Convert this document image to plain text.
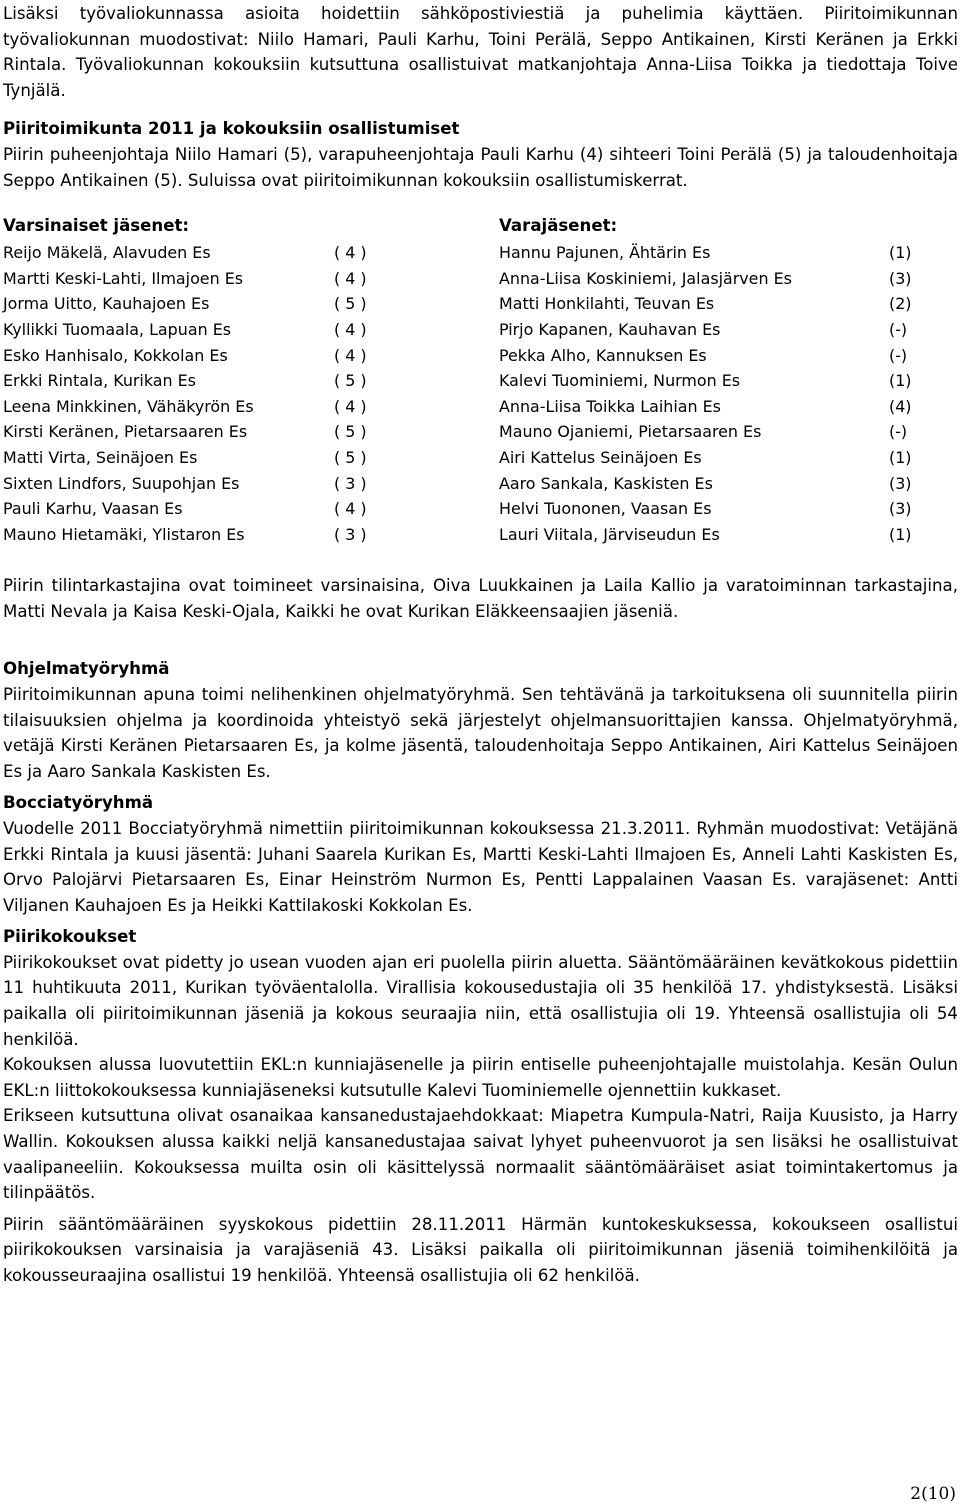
Lisäksi työvaliokunnassa asioita hoidettiin sähköpostiviestiä ja puhelimia käyttäen. Piiritoimikunnan työvaliokunnan muodostivat: Niilo Hamari, Pauli Karhu, Toini Perälä, Seppo Antikainen, Kirsti Keränen ja Erkki Rintala. Työvaliokunnan kokouksiin kutsuttuna osallistuivat matkanjohtaja Anna-Liisa Toikka ja tiedottaja Toive Tynjälä.

Piiritoimikunta 2011 ja kokouksiin osallistumiset

Piirin puheenjohtaja Niilo Hamari (5), varapuheenjohtaja Pauli Karhu (4) sihteeri Toini Perälä (5) ja taloudenhoitaja Seppo Antikainen (5). Suluissa ovat piiritoimikunnan kokouksiin osallistumiskerrat.

Varsinaiset jäsenet:
Reijo Mäkelä, Alavuden Es	( 4 )
Martti Keski-Lahti, Ilmajoen Es	( 4 )
Jorma Uitto, Kauhajoen Es	( 5 )
Kyllikki Tuomaala, Lapuan Es	( 4 )
Esko Hanhisalo, Kokkolan Es	( 4 )
Erkki Rintala, Kurikan Es	( 5 )
Leena Minkkinen, Vähäkyrön Es	( 4 )
Kirsti Keränen, Pietarsaaren Es	( 5 )
Matti Virta, Seinäjoen Es	( 5 )
Sixten Lindfors, Suupohjan Es	( 3 )
Pauli Karhu, Vaasan Es	( 4 )
Mauno Hietamäki, Ylistaron Es	( 3 )
Varajäsenet:
Hannu Pajunen, Ähtärin Es	(1)
Anna-Liisa Koskiniemi, Jalasjärven Es	(3)
Matti Honkilahti, Teuvan Es	(2)
Pirjo Kapanen, Kauhavan Es	(-)
Pekka Alho, Kannuksen Es	(-)
Kalevi Tuominiemi, Nurmon Es	(1)
Anna-Liisa Toikka Laihian Es	(4)
Mauno Ojaniemi, Pietarsaaren Es	(-)
Airi Kattelus Seinäjoen Es	(1)
Aaro Sankala, Kaskisten Es	(3)
Helvi Tuononen, Vaasan Es	(3)
Lauri Viitala, Järviseudun Es	(1)

Piirin tilintarkastajina ovat toimineet varsinaisina, Oiva Luukkainen ja Laila Kallio ja varatoiminnan tarkastajina, Matti Nevala ja Kaisa Keski-Ojala, Kaikki he ovat Kurikan Eläkkeensaajien jäseniä.

Ohjelmatyöryhmä

Piiritoimikunnan apuna toimi nelihenkinen ohjelmatyöryhmä. Sen tehtävänä ja tarkoituksena oli suunnitella piirin tilaisuuksien ohjelma ja koordinoida yhteistyö sekä järjestelyt ohjelmansuorittajien kanssa. Ohjelmatyöryhmä, vetäjä Kirsti Keränen Pietarsaaren Es, ja kolme jäsentä, taloudenhoitaja Seppo Antikainen, Airi Kattelus Seinäjoen Es ja Aaro Sankala Kaskisten Es.

Bocciatyöryhmä

Vuodelle 2011 Bocciatyöryhmä nimettiin piiritoimikunnan kokouksessa 21.3.2011. Ryhmän muodostivat: Vetäjänä Erkki Rintala ja kuusi jäsentä: Juhani Saarela Kurikan Es, Martti Keski-Lahti Ilmajoen Es, Anneli Lahti Kaskisten Es, Orvo Palojärvi Pietarsaaren Es, Einar Heinström Nurmon Es, Pentti Lappalainen Vaasan Es. varajäsenet: Antti Viljanen Kauhajoen Es ja Heikki Kattilakoski Kokkolan Es.

Piirikokoukset

Piirikokoukset ovat pidetty jo usean vuoden ajan eri puolella piirin aluetta. Sääntömääräinen kevätkokous pidettiin 11 huhtikuuta 2011, Kurikan työväentalolla. Virallisia kokousedustajia oli 35 henkilöä 17. yhdistyksestä. Lisäksi paikalla oli piiritoimikunnan jäseniä ja kokous seuraajia niin, että osallistujia oli 19. Yhteensä osallistujia oli 54 henkilöä.

Kokouksen alussa luovutettiin EKL:n kunniajäsenelle ja piirin entiselle puheenjohtajalle muistolahja. Kesän Oulun EKL:n liittokokouksessa kunniajäseneksi kutsutulle Kalevi Tuominiemelle ojennettiin kukkaset.

Erikseen kutsuttuna olivat osanaikaa kansanedustajaehdokkaat: Miapetra Kumpula-Natri, Raija Kuusisto, ja Harry Wallin. Kokouksen alussa kaikki neljä kansanedustajaa saivat lyhyet puheenvuorot ja sen lisäksi he osallistuivat vaalipaneeliin. Kokouksessa muilta osin oli käsittelyssä normaalit sääntömääräiset asiat toimintakertomus ja tilinpäätös.

Piirin sääntömääräinen syyskokous pidettiin 28.11.2011 Härmän kuntokeskuksessa, kokoukseen osallistui piirikokouksen varsinaisia ja varajäseniä 43. Lisäksi paikalla oli piiritoimikunnan jäseniä toimihenkilöitä ja kokousseuraajina osallistui 19 henkilöä. Yhteensä osallistujia oli 62 henkilöä.

2(10)
